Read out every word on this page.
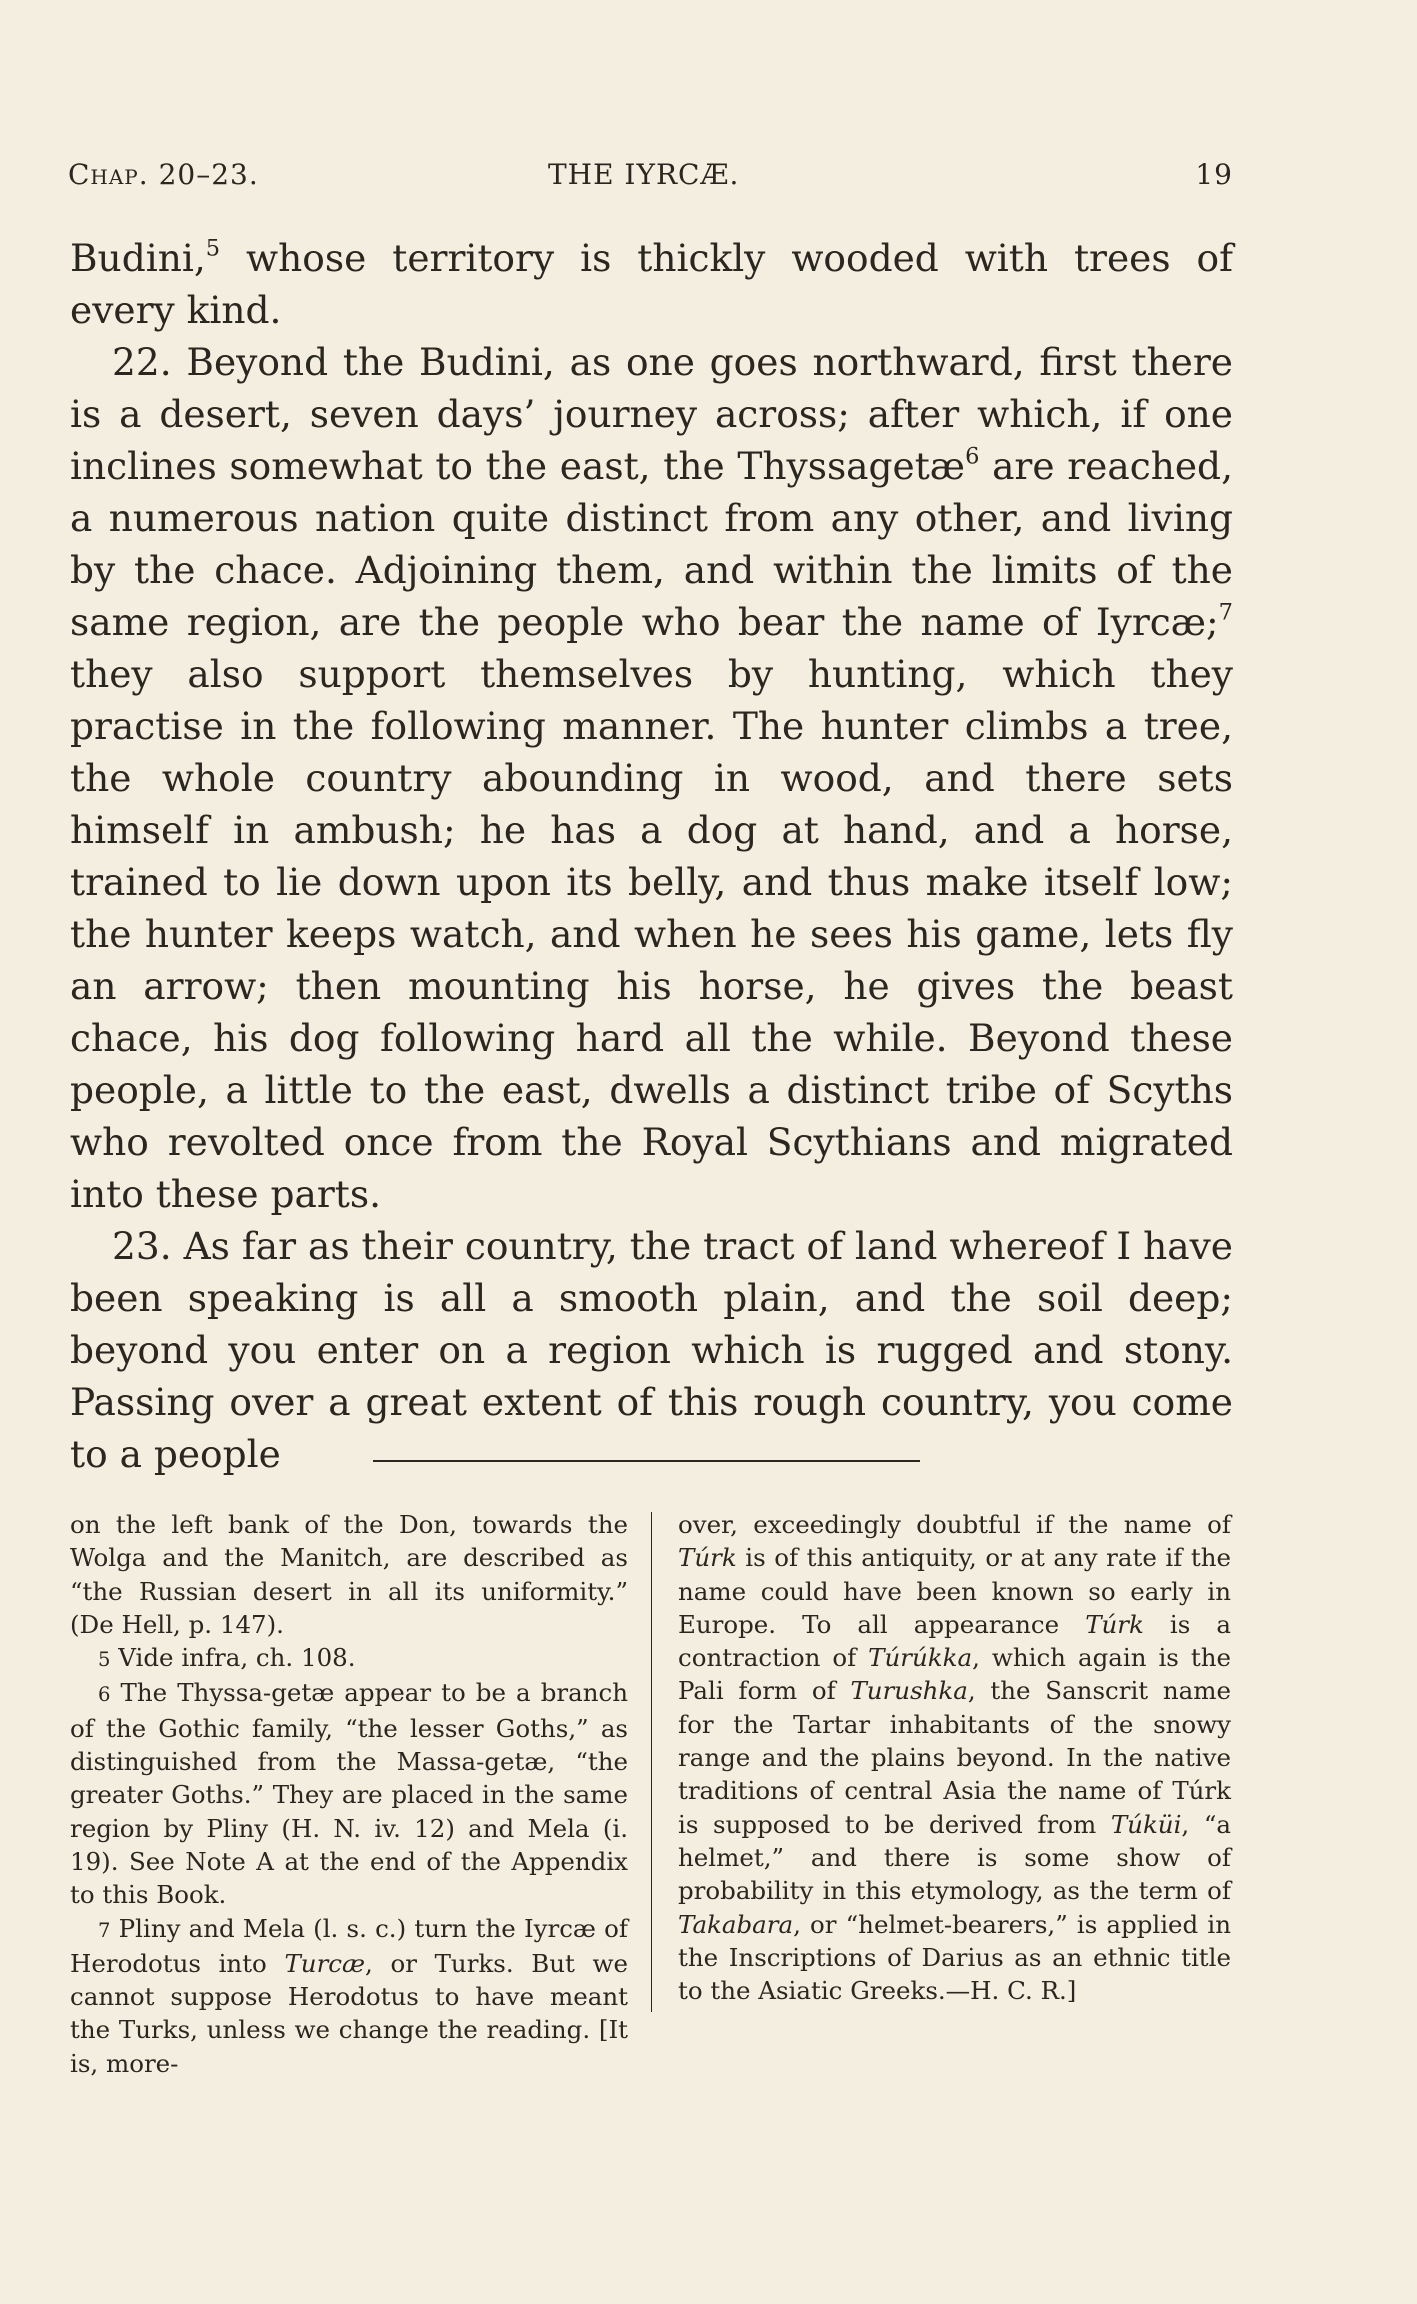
Chap. 20–23.	THE IYRCÆ.	19

Budini,$^5$ whose territory is thickly wooded with trees of every kind.

22. Beyond the Budini, as one goes northward, first there is a desert, seven days’ journey across; after which, if one inclines somewhat to the east, the Thyssagetæ$^6$ are reached, a numerous nation quite distinct from any other, and living by the chace. Adjoining them, and within the limits of the same region, are the people who bear the name of Iyrcæ;$^7$ they also support themselves by hunting, which they practise in the following manner. The hunter climbs a tree, the whole country abounding in wood, and there sets himself in ambush; he has a dog at hand, and a horse, trained to lie down upon its belly, and thus make itself low; the hunter keeps watch, and when he sees his game, lets fly an arrow; then mounting his horse, he gives the beast chace, his dog following hard all the while. Beyond these people, a little to the east, dwells a distinct tribe of Scyths who revolted once from the Royal Scythians and migrated into these parts.

23. As far as their country, the tract of land whereof I have been speaking is all a smooth plain, and the soil deep; beyond you enter on a region which is rugged and stony. Passing over a great extent of this rough country, you come to a people

on the left bank of the Don, towards the Wolga and the Manitch, are described as “the Russian desert in all its uniformity.” (De Hell, p. 147).

5 Vide infra, ch. 108.

6 The Thyssa-getæ appear to be a branch of the Gothic family, “the lesser Goths,” as distinguished from the Massa-getæ, “the greater Goths.” They are placed in the same region by Pliny (H. N. iv. 12) and Mela (i. 19). See Note A at the end of the Appendix to this Book.

7 Pliny and Mela (l. s. c.) turn the Iyrcæ of Herodotus into Turcæ, or Turks. But we cannot suppose Herodotus to have meant the Turks, unless we change the reading. [It is, more-

over, exceedingly doubtful if the name of Túrk is of this antiquity, or at any rate if the name could have been known so early in Europe. To all appearance Túrk is a contraction of Túrúkka, which again is the Pali form of Turushka, the Sanscrit name for the Tartar inhabitants of the snowy range and the plains beyond. In the native traditions of central Asia the name of Túrk is supposed to be derived from Túküi, “a helmet,” and there is some show of probability in this etymology, as the term of Takabara, or “helmet-bearers,” is applied in the Inscriptions of Darius as an ethnic title to the Asiatic Greeks.—H. C. R.]
